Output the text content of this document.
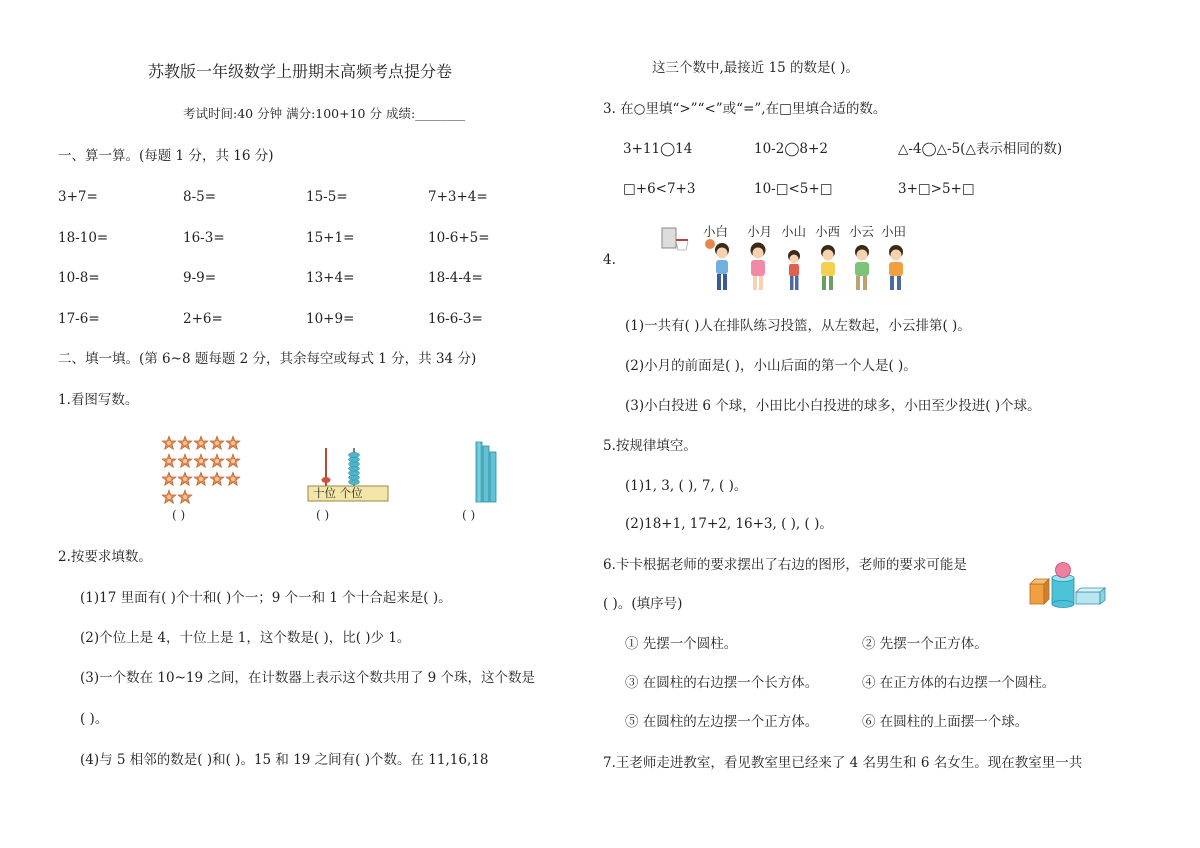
苏教版一年级数学上册期末高频考点提分卷
考试时间:40 分钟 满分:100+10 分 成绩:________
一、算一算。(每题 1 分，共 16 分)
3+7=	8-5=	15-5=	7+3+4=
18-10=	16-3=	15+1=	10-6+5=
10-8=	9-9=	13+4=	18-4-4=
17-6=	2+6=	10+9=	16-6-3=
二、填一填。(第 6~8 题每题 2 分，其余每空或每式 1 分，共 34 分)
1.看图写数。
( )
十位 个位
( )	( )
2.按要求填数。
(1)17 里面有( )个十和( )个一；9 个一和 1 个十合起来是( )。
(2)个位上是 4，十位上是 1，这个数是( )，比( )少 1。
(3)一个数在 10~19 之间，在计数器上表示这个数共用了 9 个珠，这个数是
( )。
(4)与 5 相邻的数是( )和( )。15 和 19 之间有( )个数。在 11,16,18
这三个数中,最接近 15 的数是( )。
3. 在○里填“>”“<”或“=”,在□里填合适的数。
3+11◯14	10-2◯8+2	△-4◯△-5(△表示相同的数)
□+6<7+3	10-□<5+□	3+□>5+□
4.
小白 小月 小山 小西 小云 小田
(1)一共有( )人在排队练习投篮，从左数起，小云排第( )。
(2)小月的前面是( )，小山后面的第一个人是( )。
(3)小白投进 6 个球，小田比小白投进的球多，小田至少投进( )个球。
5.按规律填空。
(1)1, 3, ( ), 7, ( )。
(2)18+1, 17+2, 16+3, ( ), ( )。
6.卡卡根据老师的要求摆出了右边的图形，老师的要求可能是
( )。(填序号)
① 先摆一个圆柱。	② 先摆一个正方体。
③ 在圆柱的右边摆一个长方体。	④ 在正方体的右边摆一个圆柱。
⑤ 在圆柱的左边摆一个正方体。	⑥ 在圆柱的上面摆一个球。
7.王老师走进教室，看见教室里已经来了 4 名男生和 6 名女生。现在教室里一共
